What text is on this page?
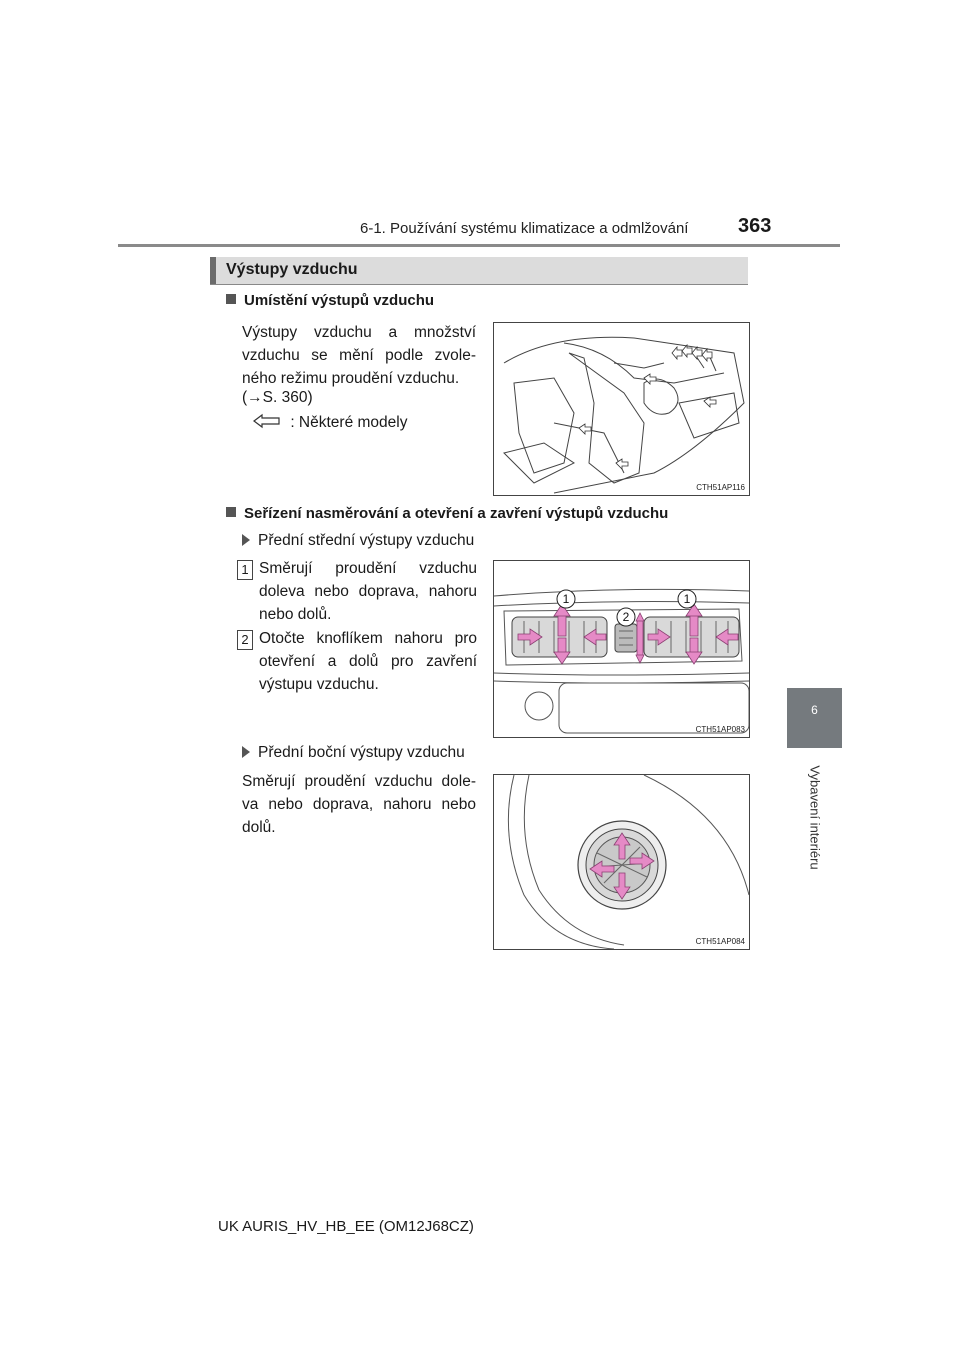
6-1. Používání systému klimatizace a odmlžování 363
6
Vybavení interiéru
Výstupy vzduchu
Umístění výstupů vzduchu
Výstupy vzduchu a množství vzduchu se mění podle zvole-ného režimu proudění vzduchu.
(→S. 360)
: Některé modely
CTH51AP116
Seřízení nasměrování a otevření a zavření výstupů vzduchu
Přední střední výstupy vzduchu
1 Směrují proudění vzduchu doleva nebo doprava, nahoru nebo dolů.
2 Otočte knoflíkem nahoru pro otevření a dolů pro zavření výstupu vzduchu.
1
2
1
CTH51AP083
Přední boční výstupy vzduchu
Směrují proudění vzduchu dole-va nebo doprava, nahoru nebo dolů.
CTH51AP084
UK AURIS_HV_HB_EE (OM12J68CZ)
